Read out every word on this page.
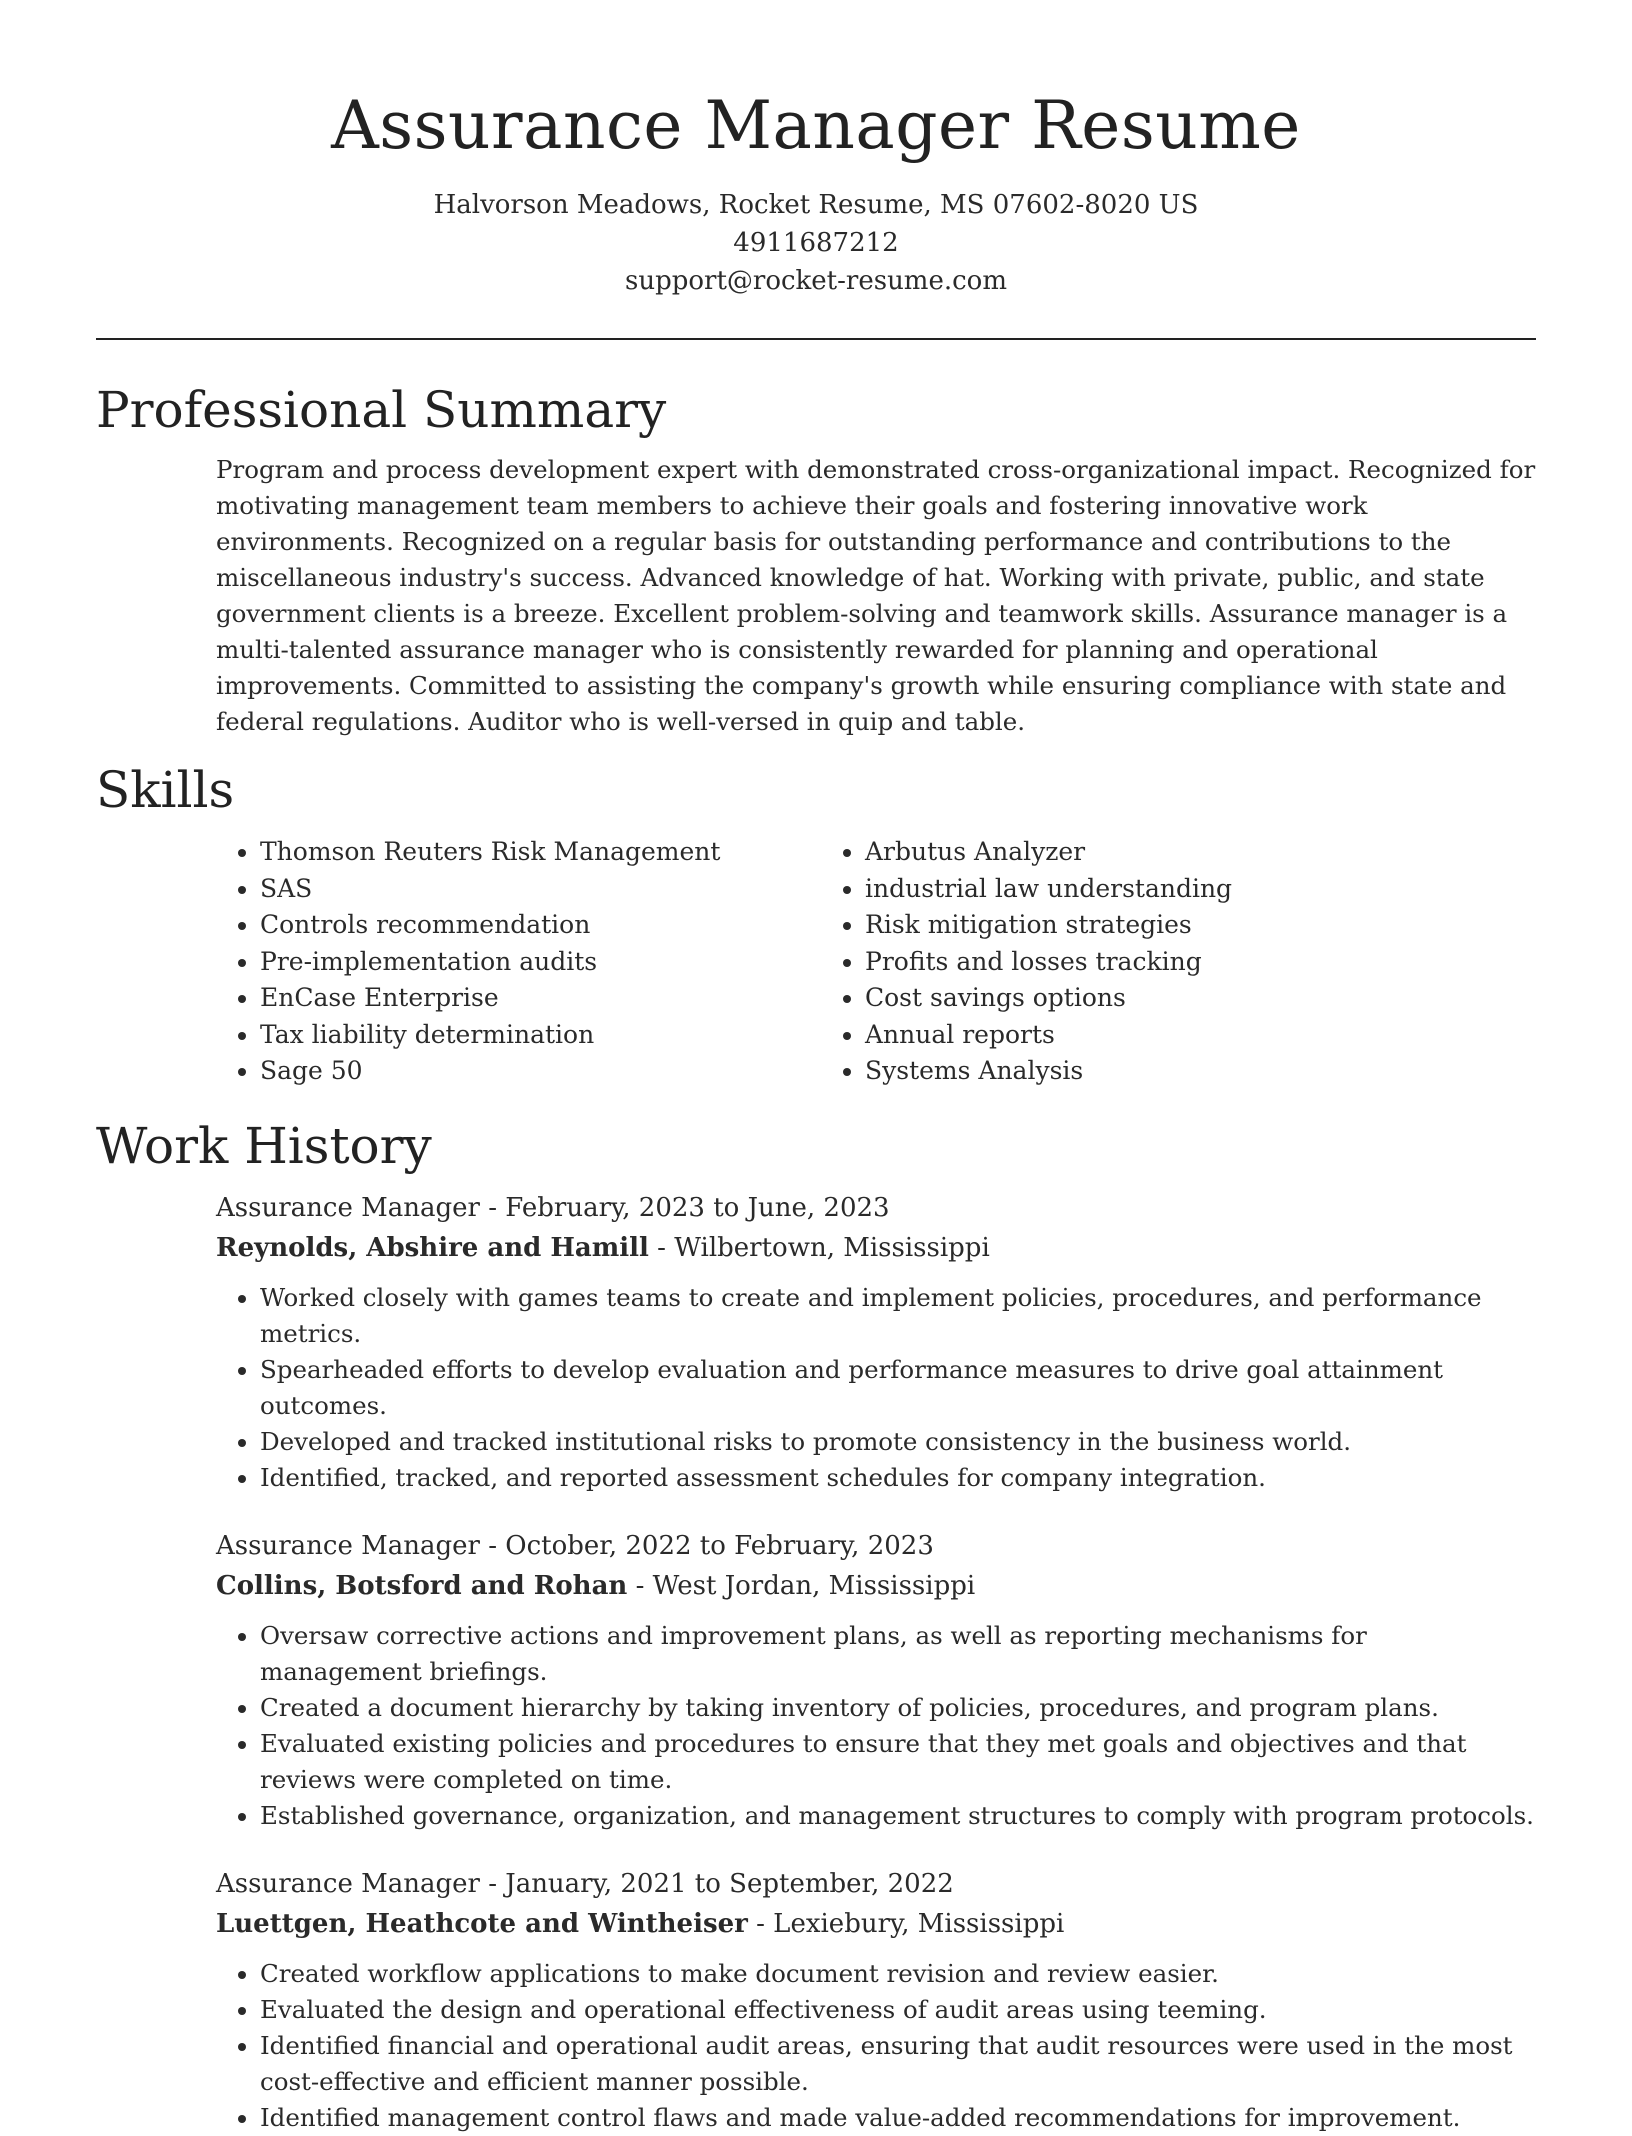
Assurance Manager Resume
Halvorson Meadows, Rocket Resume, MS 07602-8020 US
4911687212
support@rocket-resume.com
Professional Summary
Program and process development expert with demonstrated cross-organizational impact. Recognized for motivating management team members to achieve their goals and fostering innovative work environments. Recognized on a regular basis for outstanding performance and contributions to the miscellaneous industry's success. Advanced knowledge of hat. Working with private, public, and state government clients is a breeze. Excellent problem-solving and teamwork skills. Assurance manager is a multi-talented assurance manager who is consistently rewarded for planning and operational improvements. Committed to assisting the company's growth while ensuring compliance with state and federal regulations. Auditor who is well-versed in quip and table.
Skills
• Thomson Reuters Risk Management
• SAS
• Controls recommendation
• Pre-implementation audits
• EnCase Enterprise
• Tax liability determination
• Sage 50
• Arbutus Analyzer
• industrial law understanding
• Risk mitigation strategies
• Profits and losses tracking
• Cost savings options
• Annual reports
• Systems Analysis
Work History
Assurance Manager - February, 2023 to June, 2023
Reynolds, Abshire and Hamill - Wilbertown, Mississippi
• Worked closely with games teams to create and implement policies, procedures, and performance metrics.
• Spearheaded efforts to develop evaluation and performance measures to drive goal attainment outcomes.
• Developed and tracked institutional risks to promote consistency in the business world.
• Identified, tracked, and reported assessment schedules for company integration.
Assurance Manager - October, 2022 to February, 2023
Collins, Botsford and Rohan - West Jordan, Mississippi
• Oversaw corrective actions and improvement plans, as well as reporting mechanisms for management briefings.
• Created a document hierarchy by taking inventory of policies, procedures, and program plans.
• Evaluated existing policies and procedures to ensure that they met goals and objectives and that reviews were completed on time.
• Established governance, organization, and management structures to comply with program protocols.
Assurance Manager - January, 2021 to September, 2022
Luettgen, Heathcote and Wintheiser - Lexiebury, Mississippi
• Created workflow applications to make document revision and review easier.
• Evaluated the design and operational effectiveness of audit areas using teeming.
• Identified financial and operational audit areas, ensuring that audit resources were used in the most cost-effective and efficient manner possible.
• Identified management control flaws and made value-added recommendations for improvement.
